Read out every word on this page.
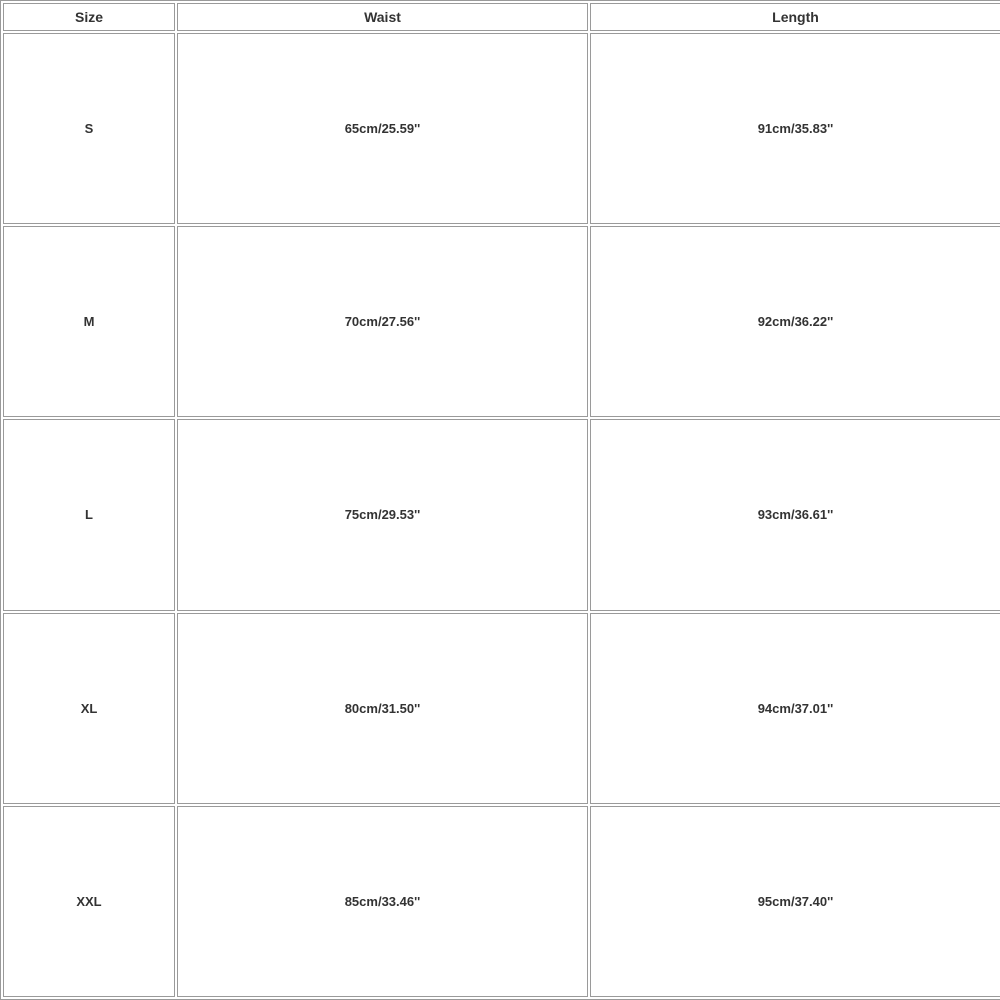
Size	Waist	Length
S	65cm/25.59''	91cm/35.83''
M	70cm/27.56''	92cm/36.22''
L	75cm/29.53''	93cm/36.61''
XL	80cm/31.50''	94cm/37.01''
XXL	85cm/33.46''	95cm/37.40''
